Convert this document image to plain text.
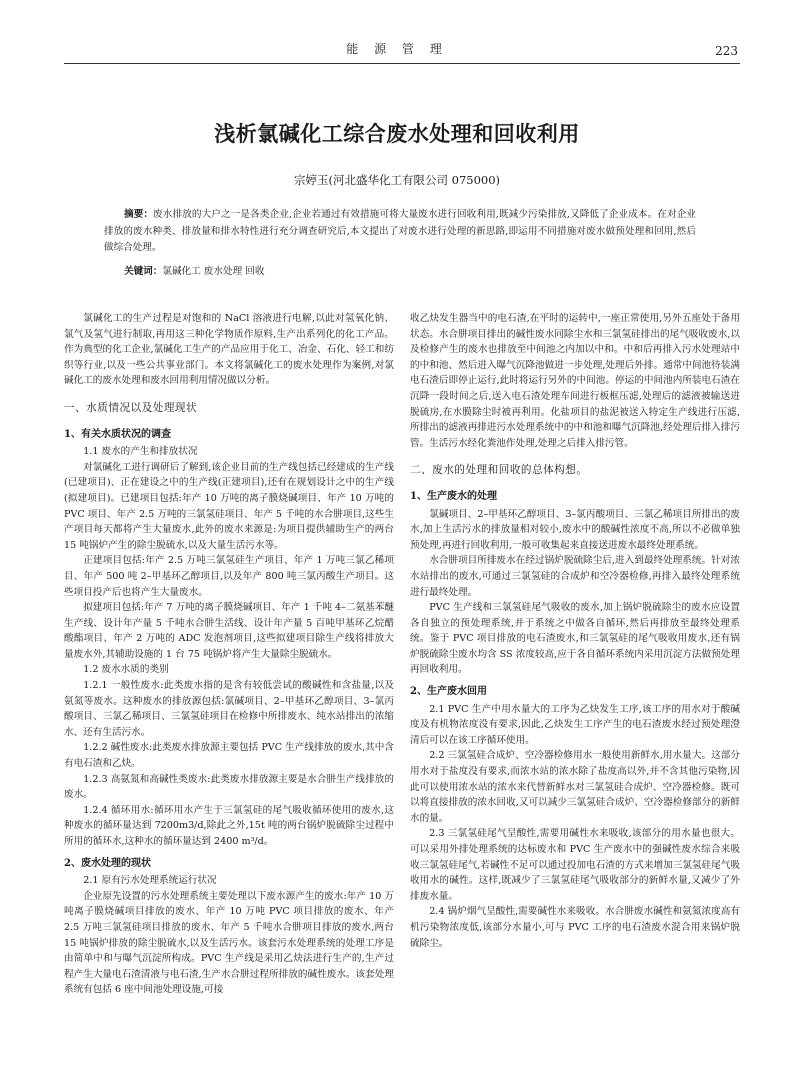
能 源 管 理	223
浅析氯碱化工综合废水处理和回收利用
宗婷玉(河北盛华化工有限公司 075000)
摘要：废水排放的大户之一是各类企业,企业若通过有效措施可将大量废水进行回收利用,既减少污染排放,又降低了企业成本。在对企业排放的废水种类、排放量和排水特性进行充分调查研究后,本文提出了对废水进行处理的新思路,即运用不同措施对废水做预处理和回用,然后做综合处理。
关键词：氯碱化工 废水处理 回收

氯碱化工的生产过程是对饱和的 NaCl 溶液进行电解,以此对氢氧化钠、氯气及氢气进行制取,再用这三种化学物质作原料,生产出系列化的化工产品。作为典型的化工企业,氯碱化工生产的产品应用于化工、冶金、石化、轻工和纺织等行业,以及一些公共事业部门。本文将氯碱化工的废水处理作为案例,对氯碱化工的废水处理和废水回用利用情况做以分析。

一、水质情况以及处理现状
1、有关水质状况的调查

1.1 废水的产生和排放状况

对氯碱化工进行调研后了解到,该企业目前的生产线包括已经建成的生产线(已建项目)、正在建设之中的生产线(正建项目),还有在规划设计之中的生产线(拟建项目)。已建项目包括:年产 10 万吨的离子膜烧碱项目、年产 10 万吨的 PVC 项目、年产 2.5 万吨的三氯氢硅项目、年产 5 千吨的水合肼项目,这些生产项目每天都将产生大量废水,此外的废水来源是:为项目提供辅助生产的两台 15 吨锅炉产生的除尘脱硫水,以及大量生活污水等。

正建项目包括:年产 2.5 万吨三氯氢硅生产项目、年产 1 万吨三氯乙稀项目、年产 500 吨 2–甲基环乙醇项目,以及年产 800 吨三氯丙酸生产项目。这些项目投产后也将产生大量废水。

拟建项目包括:年产 7 万吨的离子膜烧碱项目、年产 1 千吨 4–二氨基苯醚生产线、设计年产量 5 千吨水合肼生活线、设计年产量 5 百吨甲基环乙烷醋酸酯项目、年产 2 万吨的 ADC 发泡剂项目,这些拟建项目除生产线将排放大量废水外,其辅助设施的 1 台 75 吨锅炉将产生大量除尘脱硫水。

1.2 废水水质的类别

1.2.1 一般性废水:此类废水指的是含有较低尝试的酸碱性和含盐量,以及氨氮等废水。这种废水的排放源包括:氯碱项目、2–甲基环乙醇项目、3–氯丙酸项目、三氯乙稀项目、三氯氢硅项目在检修中所排废水、纯水站排出的浓缩水、还有生活污水。

1.2.2 碱性废水:此类废水排放源主要包括 PVC 生产线排放的废水,其中含有电石渣和乙炔。

1.2.3 高氨氮和高碱性类废水:此类废水排放源主要是水合肼生产线排放的废水。

1.2.4 循环用水:循环用水产生于三氯氢硅的尾气吸收循环使用的废水,这种废水的循环量达到 7200m3/d,除此之外,15t 吨的两台锅炉脱硫除尘过程中所用的循环水,这种水的循环量达到 2400 m³/d。

2、废水处理的现状

2.1 原有污水处理系统运行状况

企业原先设置的污水处理系统主要处理以下废水源产生的废水:年产 10 万吨离子膜烧碱项目排放的废水、年产 10 万吨 PVC 项目排放的废水、年产 2.5 万吨三氯氢硅项目排放的废水、年产 5 千吨水合肼项目排放的废水,两台 15 吨锅炉排放的除尘脱硫水,以及生活污水。该套污水处理系统的处理工序是由简单中和与曝气沉淀所构成。PVC 生产线是采用乙炔法进行生产的,生产过程产生大量电石渣清液与电石渣,生产水合肼过程所排放的碱性废水。该套处理系统有包括 6 座中间池处理设施,可接

收乙炔发生器当中的电石渣,在平时的运转中,一座正常使用,另外五座处于备用状态。水合肼项目排出的碱性废水同除尘水和三氯氢硅排出的尾气吸收废水,以及检修产生的废水也排放至中间池之内加以中和。中和后再排入污水处理站中的中和池、然后进入曝气沉降池做进一步处理,处理后外排。通常中间池待装满电石渣后即停止运行,此时将运行另外的中间池。停运的中间池内所装电石渣在沉降一段时间之后,送入电石渣处理车间进行板框压滤,处理后的滤液被输送进脱硫房,在水膜除尘时被再利用。化盐项目的盐泥被送入特定生产线进行压滤,所排出的滤液再排进污水处理系统中的中和池和曝气沉降池,经处理后排入排污管。生活污水经化粪池作处理,处理之后排入排污管。

二、废水的处理和回收的总体构想。
1、生产废水的处理

氯碱项目、2–甲基环乙醇项目、3–氯丙酸项目、三氯乙稀项目所排出的废水,加上生活污水的排放量相对较小,废水中的酸碱性浓度不高,所以不必做单独预处理,再进行回收利用,一般可收集起来直接送进废水最终处理系统。

水合肼项目所排废水在经过锅炉脱硫除尘后,进入到最终处理系统。针对浓水站排出的废水,可通过三氯氢硅的合成炉和空冷器检修,再排入最终处理系统进行最终处理。

PVC 生产线和三氯氢硅尾气吸收的废水,加上锅炉脱硫除尘的废水应设置各自独立的预处理系统,并于系统之中做各自循环,然后再排放至最终处理系统。鉴于 PVC 项目排放的电石渣废水,和三氯氢硅的尾气吸收用废水,还有锅炉脱硫除尘废水均含 SS 浓度较高,应于各自循环系统内采用沉淀方法做预处理再回收利用。

2、生产废水回用

2.1 PVC 生产中用水量大的工序为乙炔发生工序,该工序的用水对于酸碱度及有机物浓度没有要求,因此,乙炔发生工序产生的电石渣废水经过预处理澄清后可以在该工序循环使用。

2.2 三氯氢硅合成炉、空冷器检修用水一般使用新鲜水,用水量大。这部分用水对于盐度没有要求,而浓水站的浓水除了盐度高以外,并不含其他污染物,因此可以使用浓水站的浓水来代替新鲜水对三氯氢硅合成炉、空冷器检修。既可以将直接排放的浓水回收,又可以减少三氯氢硅合成炉、空冷器检修部分的新鲜水的量。

2.3 三氯氢硅尾气呈酸性,需要用碱性水来吸收,该部分的用水量也很大。可以采用外排处理系统的达标废水和 PVC 生产废水中的强碱性废水综合来吸收三氯氢硅尾气,若碱性不足可以通过投加电石渣的方式来增加三氯氢硅尾气吸收用水的碱性。这样,既减少了三氯氢硅尾气吸收部分的新鲜水量,又减少了外排废水量。

2.4 锅炉烟气呈酸性,需要碱性水来吸收。水合肼废水碱性和氨氮浓度高有机污染物浓度低,该部分水量小,可与 PVC 工序的电石渣废水混合用来锅炉脱硫除尘。
